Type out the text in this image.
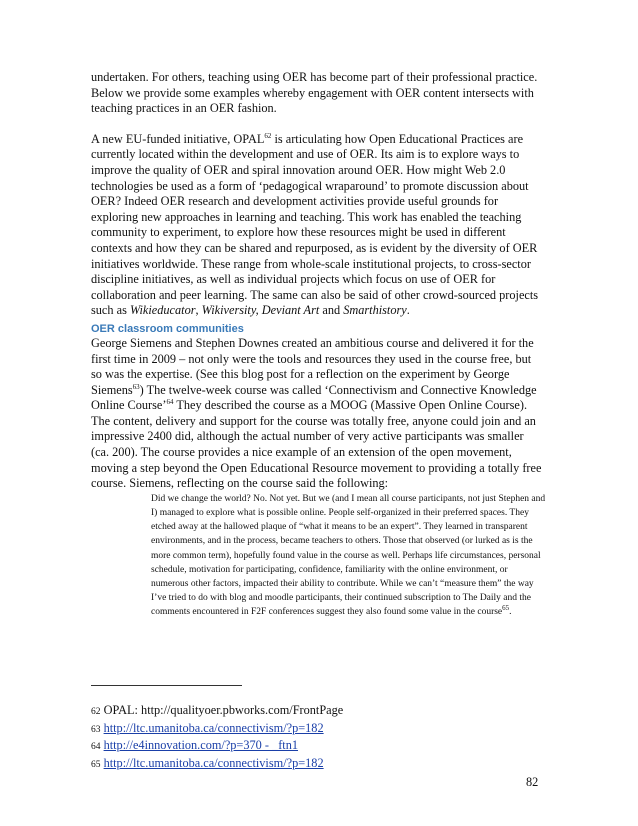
undertaken. For others, teaching using OER has become part of their professional practice. Below we provide some examples whereby engagement with OER content intersects with teaching practices in an OER fashion.

A new EU-funded initiative, OPAL$^{62}$ is articulating how Open Educational Practices are currently located within the development and use of OER. Its aim is to explore ways to improve the quality of OER and spiral innovation around OER. How might Web 2.0 technologies be used as a form of ‘pedagogical wraparound’ to promote discussion about OER? Indeed OER research and development activities provide useful grounds for exploring new approaches in learning and teaching. This work has enabled the teaching community to experiment, to explore how these resources might be used in different contexts and how they can be shared and repurposed, as is evident by the diversity of OER initiatives worldwide. These range from whole-scale institutional projects, to cross-sector discipline initiatives, as well as individual projects which focus on use of OER for collaboration and peer learning. The same can also be said of other crowd-sourced projects such as Wikieducator, Wikiversity, Deviant Art and Smarthistory.

OER classroom communities

George Siemens and Stephen Downes created an ambitious course and delivered it for the first time in 2009 – not only were the tools and resources they used in the course free, but so was the expertise. (See this blog post for a reflection on the experiment by George Siemens$^{63}$) The twelve-week course was called ‘Connectivism and Connective Knowledge Online Course’$^{64}$ They described the course as a MOOG (Massive Open Online Course). The content, delivery and support for the course was totally free, anyone could join and an impressive 2400 did, although the actual number of very active participants was smaller (ca. 200). The course provides a nice example of an extension of the open movement, moving a step beyond the Open Educational Resource movement to providing a totally free course. Siemens, reflecting on the course said the following:

Did we change the world? No. Not yet. But we (and I mean all course participants, not just Stephen and I) managed to explore what is possible online. People self-organized in their preferred spaces. They etched away at the hallowed plaque of “what it means to be an expert”. They learned in transparent environments, and in the process, became teachers to others. Those that observed (or lurked as is the more common term), hopefully found value in the course as well. Perhaps life circumstances, personal schedule, motivation for participating, confidence, familiarity with the online environment, or numerous other factors, impacted their ability to contribute. While we can’t “measure them” the way I’ve tried to do with blog and moodle participants, their continued subscription to The Daily and the comments encountered in F2F conferences suggest they also found some value in the course$^{65}$.

62 OPAL: http://qualityoer.pbworks.com/FrontPage

63 http://ltc.umanitoba.ca/connectivism/?p=182

64 http://e4innovation.com/?p=370 - _ftn1

65 http://ltc.umanitoba.ca/connectivism/?p=182

82
